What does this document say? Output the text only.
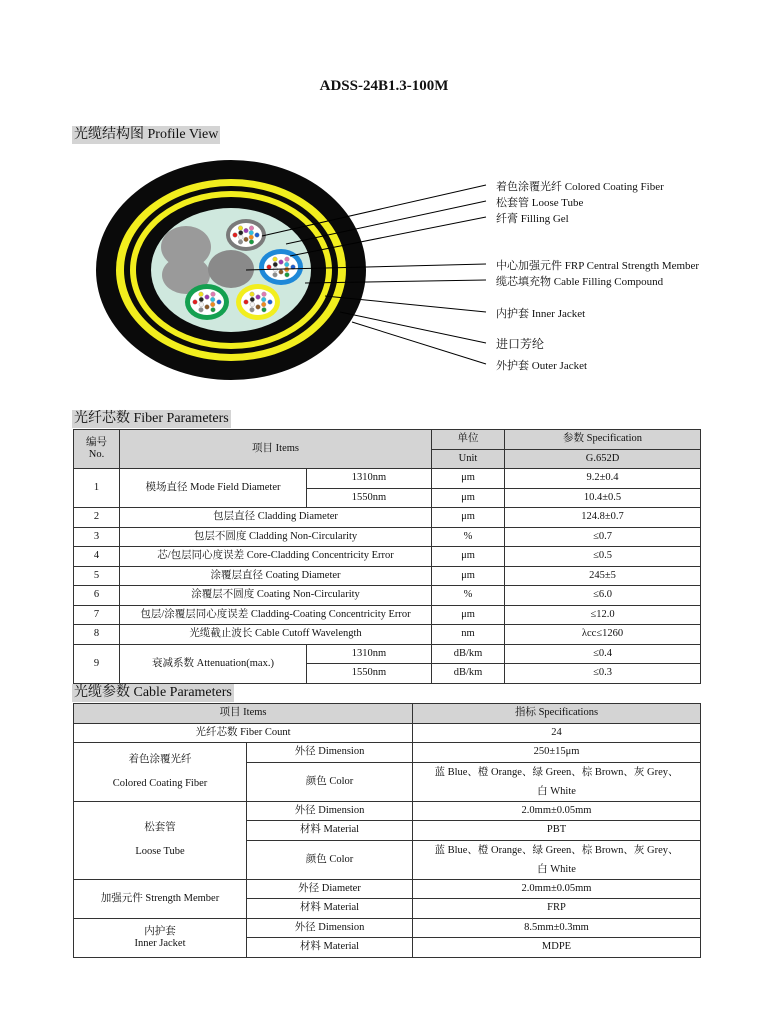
ADSS-24B1.3-100M
光缆结构图 Profile View
着色涂覆光纤 Colored Coating Fiber
松套管 Loose Tube
纤膏 Filling Gel
中心加强元件 FRP Central Strength Member
缆芯填充物 Cable Filling Compound
内护套 Inner Jacket
进口芳纶
外护套 Outer Jacket
光纤芯数 Fiber Parameters
编号
No.	项目 Items		单位	参数 Specification
			Unit	G.652D
1	模场直径 Mode Field Diameter	1310nm	μm	9.2±0.4
		1550nm	μm	10.4±0.5
2	包层直径 Cladding Diameter		μm	124.8±0.7
3	包层不圆度 Cladding Non-Circularity		%	≤0.7
4	芯/包层同心度误差 Core-Cladding Concentricity Error		μm	≤0.5
5	涂覆层直径 Coating Diameter		μm	245±5
6	涂覆层不圆度 Coating Non-Circularity		%	≤6.0
7	包层/涂覆层同心度误差 Cladding-Coating Concentricity Error		μm	≤12.0
8	光缆截止波长 Cable Cutoff Wavelength		nm	λcc≤1260
9	衰减系数 Attenuation(max.)	1310nm	dB/km	≤0.4
		1550nm	dB/km	≤0.3
光缆参数 Cable Parameters
项目 Items		指标 Specifications
光纤芯数 Fiber Count		24
着色涂覆光纤

Colored Coating Fiber	外径 Dimension	250±15μm
	颜色 Color	蓝 Blue、橙 Orange、绿 Green、棕 Brown、灰 Grey、
白 White
松套管

Loose Tube	外径 Dimension	2.0mm±0.05mm
	材料 Material	PBT
	颜色 Color	蓝 Blue、橙 Orange、绿 Green、棕 Brown、灰 Grey、
白 White
加强元件 Strength Member	外径 Diameter	2.0mm±0.05mm
	材料 Material	FRP
内护套
Inner Jacket	外径 Dimension	8.5mm±0.3mm
	材料 Material	MDPE
